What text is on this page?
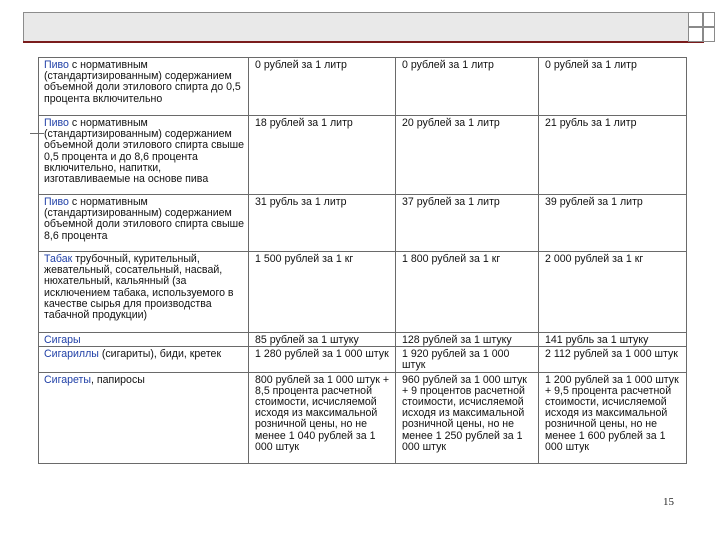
Пиво с нормативным (стандартизированным) содержанием объемной доли этилового спирта до 0,5 процента включительно	0 рублей за 1 литр	0 рублей за 1 литр	0 рублей за 1 литр
Пиво с нормативным (стандартизированным) содержанием объемной доли этилового спирта свыше 0,5 процента и до 8,6 процента включительно, напитки, изготавливаемые на основе пива	18 рублей за 1 литр	20 рублей за 1 литр	21 рубль за 1 литр
Пиво с нормативным (стандартизированным) содержанием объемной доли этилового спирта свыше 8,6 процента	31 рубль за 1 литр	37 рублей за 1 литр	39 рублей за 1 литр
Табак трубочный, курительный, жевательный, сосательный, насвай, нюхательный, кальянный (за исключением табака, используемого в качестве сырья для производства табачной продукции)	1 500 рублей за 1 кг	1 800 рублей за 1 кг	2 000 рублей за 1 кг
Сигары	85 рублей за 1 штуку	128 рублей за 1 штуку	141 рубль за 1 штуку
Сигариллы (сигариты), биди, кретек	1 280 рублей за 1 000 штук	1 920 рублей за 1 000 штук	2 112 рублей за 1 000 штук
Сигареты, папиросы	800 рублей за 1 000 штук + 8,5 процента расчетной стоимости, исчисляемой исходя из максимальной розничной цены, но не менее 1 040 рублей за 1 000 штук	960 рублей за 1 000 штук + 9 процентов расчетной стоимости, исчисляемой исходя из максимальной розничной цены, но не менее 1 250 рублей за 1 000 штук	1 200 рублей за 1 000 штук + 9,5 процента расчетной стоимости, исчисляемой исходя из максимальной розничной цены, но не менее 1 600 рублей за 1 000 штук
15
